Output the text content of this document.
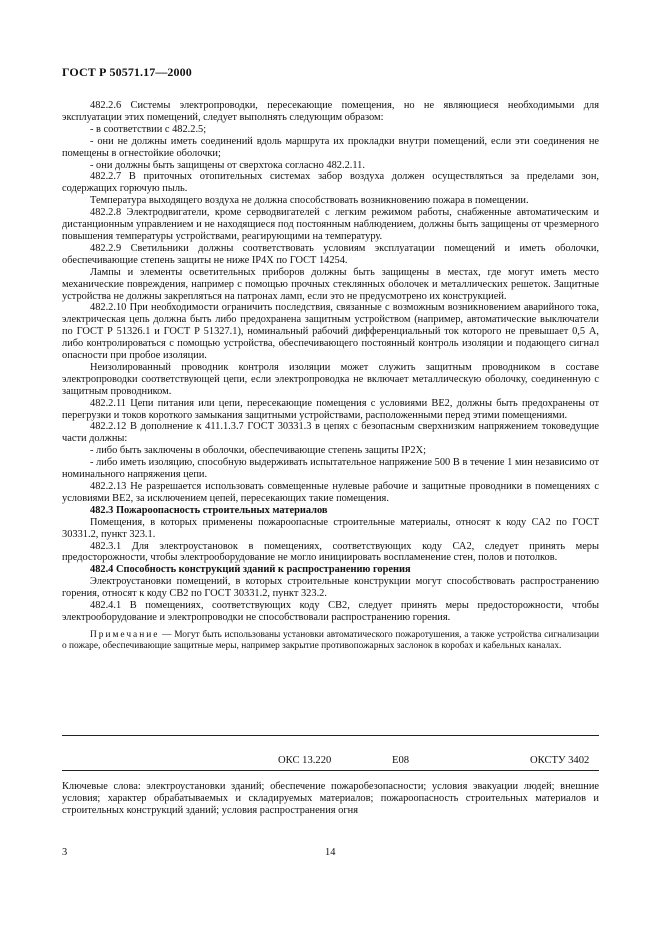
ГОСТ Р 50571.17—2000

482.2.6 Системы электропроводки, пересекающие помещения, но не являющиеся необходимыми для эксплуатации этих помещений, следует выполнять следующим образом:

- в соответствии с 482.2.5;

- они не должны иметь соединений вдоль маршрута их прокладки внутри помещений, если эти соединения не помещены в огнестойкие оболочки;

- они должны быть защищены от сверхтока согласно 482.2.11.

482.2.7 В приточных отопительных системах забор воздуха должен осуществляться за пределами зон, содержащих горючую пыль.

Температура выходящего воздуха не должна способствовать возникновению пожара в помещении.

482.2.8 Электродвигатели, кроме серводвигателей с легким режимом работы, снабженные автоматическим и дистанционным управлением и не находящиеся под постоянным наблюдением, должны быть защищены от чрезмерного повышения температуры устройствами, реагирующими на температуру.

482.2.9 Светильники должны соответствовать условиям эксплуатации помещений и иметь оболочки, обеспечивающие степень защиты не ниже IP4X по ГОСТ 14254.

Лампы и элементы осветительных приборов должны быть защищены в местах, где могут иметь место механические повреждения, например с помощью прочных стеклянных оболочек и металлических решеток. Защитные устройства не должны закрепляться на патронах ламп, если это не предусмотрено их конструкцией.

482.2.10 При необходимости ограничить последствия, связанные с возможным возникновением аварийного тока, электрическая цепь должна быть либо предохранена защитным устройством (например, автоматические выключатели по ГОСТ Р 51326.1 и ГОСТ Р 51327.1), номинальный рабочий дифференциальный ток которого не превышает 0,5 А, либо контролироваться с помощью устройства, обеспечивающего постоянный контроль изоляции и подающего сигнал опасности при пробое изоляции.

Неизолированный проводник контроля изоляции может служить защитным проводником в составе электропроводки соответствующей цепи, если электропроводка не включает металлическую оболочку, соединенную с защитным проводником.

482.2.11 Цепи питания или цепи, пересекающие помещения с условиями BE2, должны быть предохранены от перегрузки и токов короткого замыкания защитными устройствами, расположенными перед этими помещениями.

482.2.12 В дополнение к 411.1.3.7 ГОСТ 30331.3 в цепях с безопасным сверхнизким напряжением токоведущие части должны:

- либо быть заключены в оболочки, обеспечивающие степень защиты IP2X;

- либо иметь изоляцию, способную выдерживать испытательное напряжение 500 В в течение 1 мин независимо от номинального напряжения цепи.

482.2.13 Не разрешается использовать совмещенные нулевые рабочие и защитные проводники в помещениях с условиями BE2, за исключением цепей, пересекающих такие помещения.

482.3 Пожароопасность строительных материалов

Помещения, в которых применены пожароопасные строительные материалы, относят к коду СА2 по ГОСТ 30331.2, пункт 323.1.

482.3.1 Для электроустановок в помещениях, соответствующих коду СА2, следует принять меры предосторожности, чтобы электрооборудование не могло инициировать воспламенение стен, полов и потолков.

482.4 Способность конструкций зданий к распространению горения

Электроустановки помещений, в которых строительные конструкции могут способствовать распространению горения, относят к коду СВ2 по ГОСТ 30331.2, пункт 323.2.

482.4.1 В помещениях, соответствующих коду СВ2, следует принять меры предосторожности, чтобы электрооборудование и электропроводки не способствовали распространению горения.

Примечание — Могут быть использованы установки автоматического пожаротушения, а также устройства сигнализации о пожаре, обеспечивающие защитные меры, например закрытие противопожарных заслонок в коробах и кабельных каналах.

ОКС 13.220	Е08	ОКСТУ 3402
Ключевые слова: электроустановки зданий; обеспечение пожаробезопасности; условия эвакуации людей; внешние условия; характер обрабатываемых и складируемых материалов; пожароопасность строительных материалов и строительных конструкций зданий; условия распространения огня
3	14
